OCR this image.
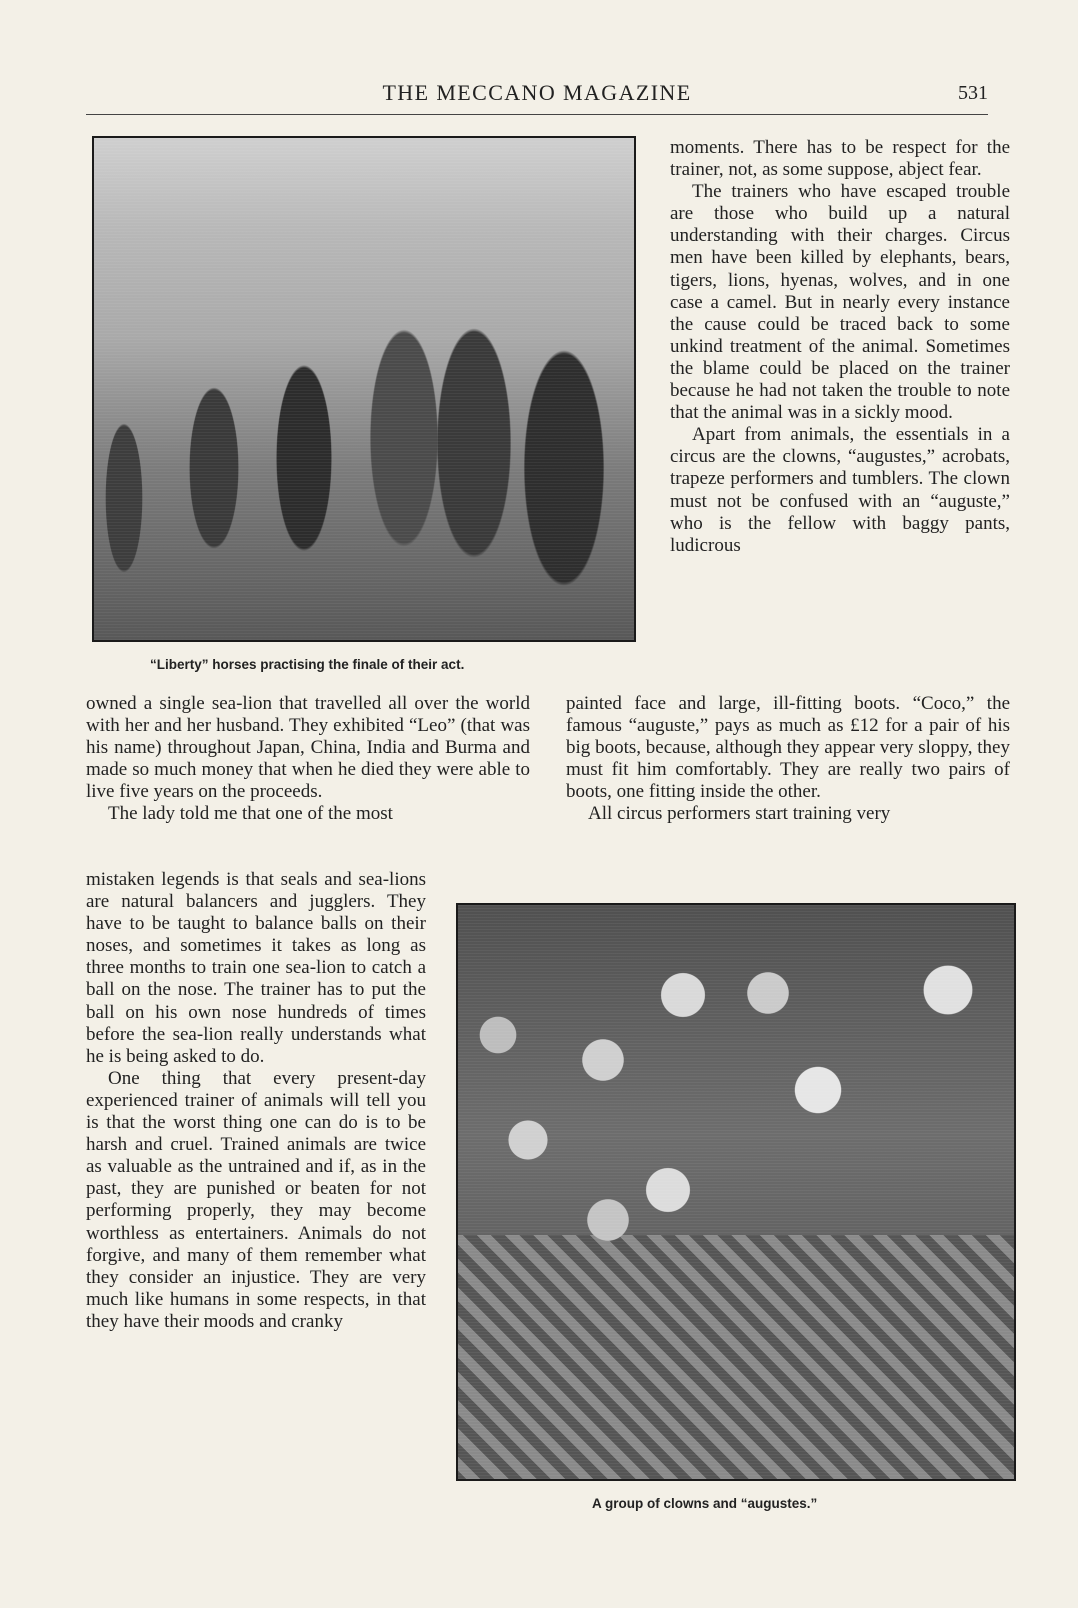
THE MECCANO MAGAZINE	531
“Liberty” horses practising the finale of their act.

moments. There has to be respect for the trainer, not, as some suppose, abject fear.

The trainers who have escaped trouble are those who build up a natural understanding with their charges. Circus men have been killed by elephants, bears, tigers, lions, hyenas, wolves, and in one case a camel. But in nearly every instance the cause could be traced back to some unkind treatment of the animal. Sometimes the blame could be placed on the trainer because he had not taken the trouble to note that the animal was in a sickly mood.

Apart from animals, the essentials in a circus are the clowns, “augustes,” acrobats, trapeze performers and tumblers. The clown must not be confused with an “auguste,” who is the fellow with baggy pants, ludicrous

owned a single sea-lion that travelled all over the world with her and her husband. They exhibited “Leo” (that was his name) throughout Japan, China, India and Burma and made so much money that when he died they were able to live five years on the proceeds.

The lady told me that one of the most

painted face and large, ill-fitting boots. “Coco,” the famous “auguste,” pays as much as £12 for a pair of his big boots, because, although they appear very sloppy, they must fit him comfortably. They are really two pairs of boots, one fitting inside the other.

All circus performers start training very

mistaken legends is that seals and sea-lions are natural balancers and jugglers. They have to be taught to balance balls on their noses, and sometimes it takes as long as three months to train one sea-lion to catch a ball on the nose. The trainer has to put the ball on his own nose hundreds of times before the sea-lion really understands what he is being asked to do.

One thing that every present-day experienced trainer of animals will tell you is that the worst thing one can do is to be harsh and cruel. Trained animals are twice as valuable as the untrained and if, as in the past, they are punished or beaten for not performing properly, they may become worthless as entertainers. Animals do not forgive, and many of them remember what they consider an injustice. They are very much like humans in some respects, in that they have their moods and cranky

A group of clowns and “augustes.”
